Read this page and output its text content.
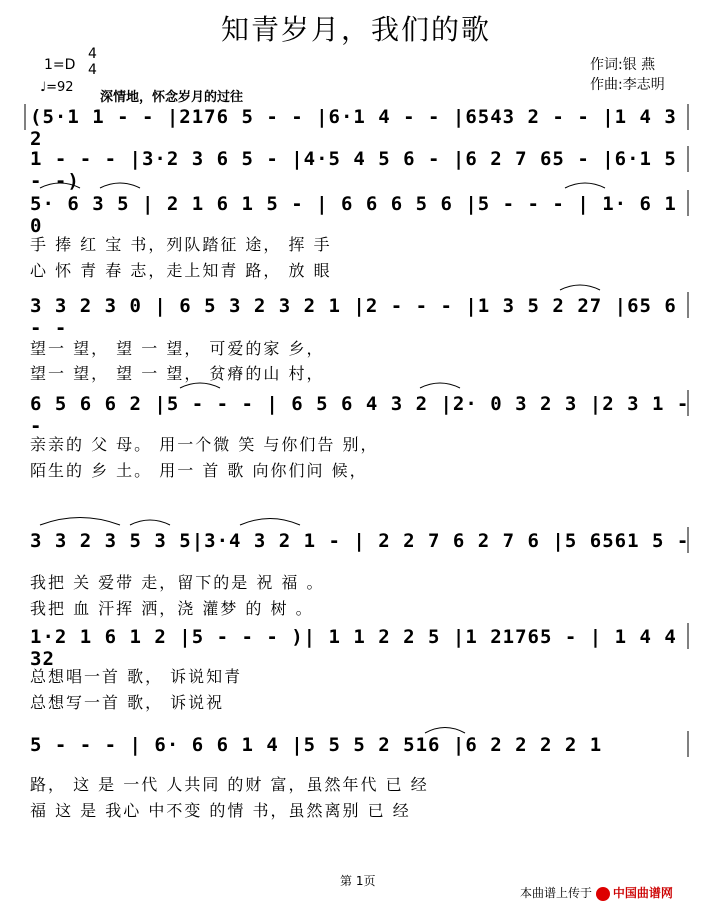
知青岁月，我们的歌
1=D
4
4
♩=92
深情地，怀念岁月的过往
作词:银 燕
作曲:李志明
(5·1 1 - - |2176 5 - - |6·1 4 - - |6543 2 - - |1 4 3 2
1 - - - |3·2 3 6 5 - |4·5 4 5 6 - |6 2 7 65 - |6·1 5 - -)
5· 6 3 5 | 2 1 6 1 5 - | 6 6 6 5 6 |5 - - - | 1· 6 1 0
手 捧 红 宝 书，列队踏征 途， 挥 手
心 怀 青 春 志，走上知青 路， 放 眼
3 3 2 3 0 | 6 5 3 2 3 2 1 |2 - - - |1 3 5 2 27 |65 6 - -
望一 望， 望 一 望， 可爱的家 乡，
望一 望， 望 一 望， 贫瘠的山 村，
6 5 6 6 2 |5 - - - | 6 5 6 4 3 2 |2· 0 3 2 3 |2 3 1 - -
亲亲的 父 母。 用一个微 笑 与你们告 别，
陌生的 乡 土。 用一 首 歌 向你们问 候，
3 3 2 3 5 3 5|3·4 3 2 1 - | 2 2 7 6 2 7 6 |5 6561 5 -
我把 关 爱带 走，留下的是 祝 福 。
我把 血 汗挥 洒，浇 灌梦 的 树 。
1·2 1 6 1 2 |5 - - - )| 1 1 2 2 5 |1 21765 - | 1 4 4 32
总想唱一首 歌， 诉说知青
总想写一首 歌， 诉说祝
5 - - - | 6· 6 6 1 4 |5 5 5 2 516 |6 2 2 2 2 1
路， 这 是 一代 人共同 的财 富，虽然年代 已 经
福 这 是 我心 中不变 的情 书，虽然离别 已 经
第 1页
本曲谱上传于 中国曲谱网
